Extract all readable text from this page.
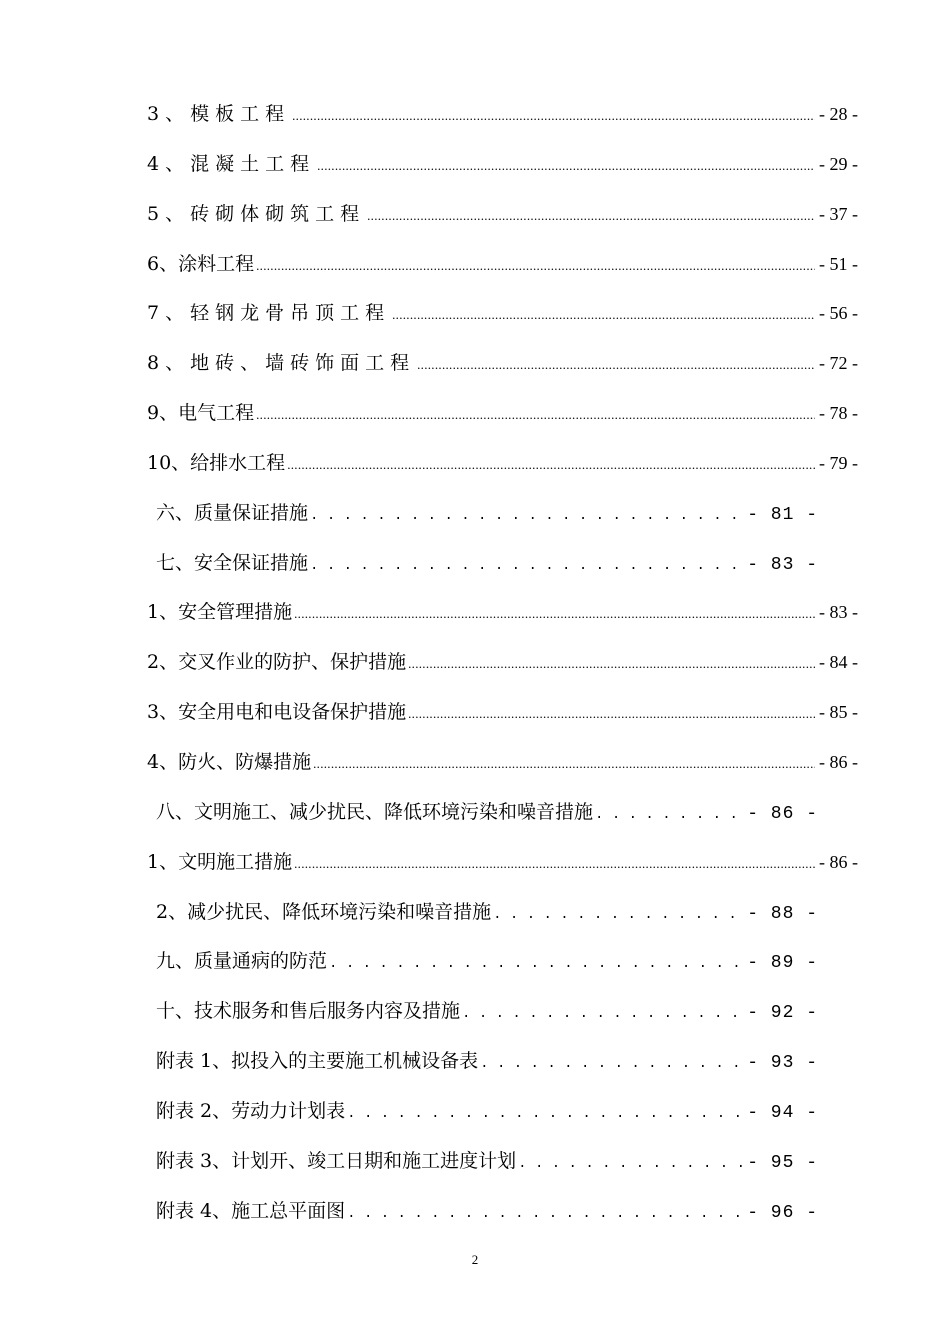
3、模板工程 .....	- 28 -
4、混凝土工程 .....	- 29 -
5、砖砌体砌筑工程 .....	- 37 -
6、涂料工程 .....	- 51 -
7、轻钢龙骨吊顶工程 .....	- 56 -
8、地砖、墙砖饰面工程 .....	- 72 -
9、电气工程 .....	- 78 -
10、给排水工程 .....	- 79 -
六、质量保证措施 . . .	- 81 -
七、安全保证措施 . . .	- 83 -
1、安全管理措施 .....	- 83 -
2、交叉作业的防护、保护措施 .....	- 84 -
3、安全用电和电设备保护措施 .....	- 85 -
4、防火、防爆措施 .....	- 86 -
八、文明施工、减少扰民、降低环境污染和噪音措施 . . .	- 86 -
1、文明施工措施 .....	- 86 -
2、减少扰民、降低环境污染和噪音措施 . . .	- 88 -
九、质量通病的防范 . . .	- 89 -
十、技术服务和售后服务内容及措施 . . .	- 92 -
附表 1、拟投入的主要施工机械设备表 . . .	- 93 -
附表 2、劳动力计划表 . . .	- 94 -
附表 3、计划开、竣工日期和施工进度计划 . . .	- 95 -
附表 4、施工总平面图 . . .	- 96 -
2
